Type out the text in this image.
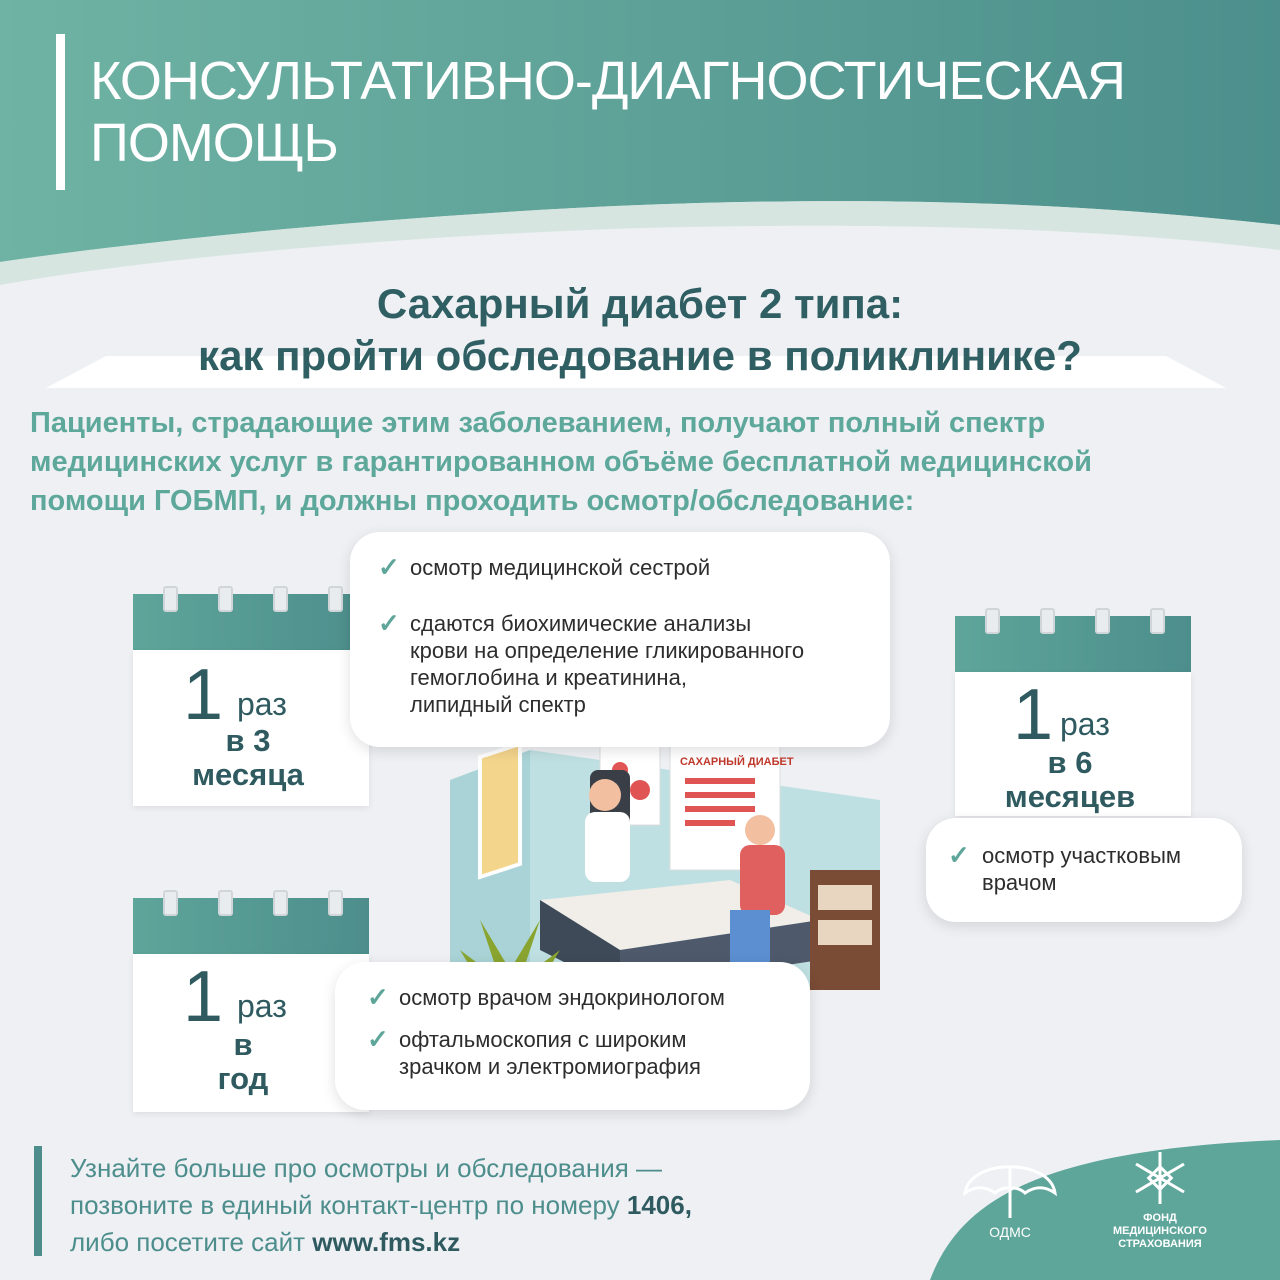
КОНСУЛЬТАТИВНО-ДИАГНОСТИЧЕСКАЯ
ПОМОЩЬ
Сахарный диабет 2 типа:
как пройти обследование в поликлинике?
Пациенты, страдающие этим заболеванием, получают полный спектр
медицинских услуг в гарантированном объёме бесплатной медицинской
помощи ГОБМП, и должны проходить осмотр/обследование:
САХАРНЫЙ ДИАБЕТ
1 раз
в 3
месяца
✓ осмотр медицинской сестрой
✓ сдаются биохимические анализы
крови на определение гликированного
гемоглобина и креатинина,
липидный спектр	1 раз
в 6
месяцев
✓ осмотр участковым
врачом
1 раз
в
год
✓ осмотр врачом эндокринологом
✓ офтальмоскопия с широким
зрачком и электромиография
Узнайте больше про осмотры и обследования —
позвоните в единый контакт-центр по номеру 1406,
либо посетите сайт www.fms.kz	ОДМС
ФОНД
МЕДИЦИНСКОГО
СТРАХОВАНИЯ
